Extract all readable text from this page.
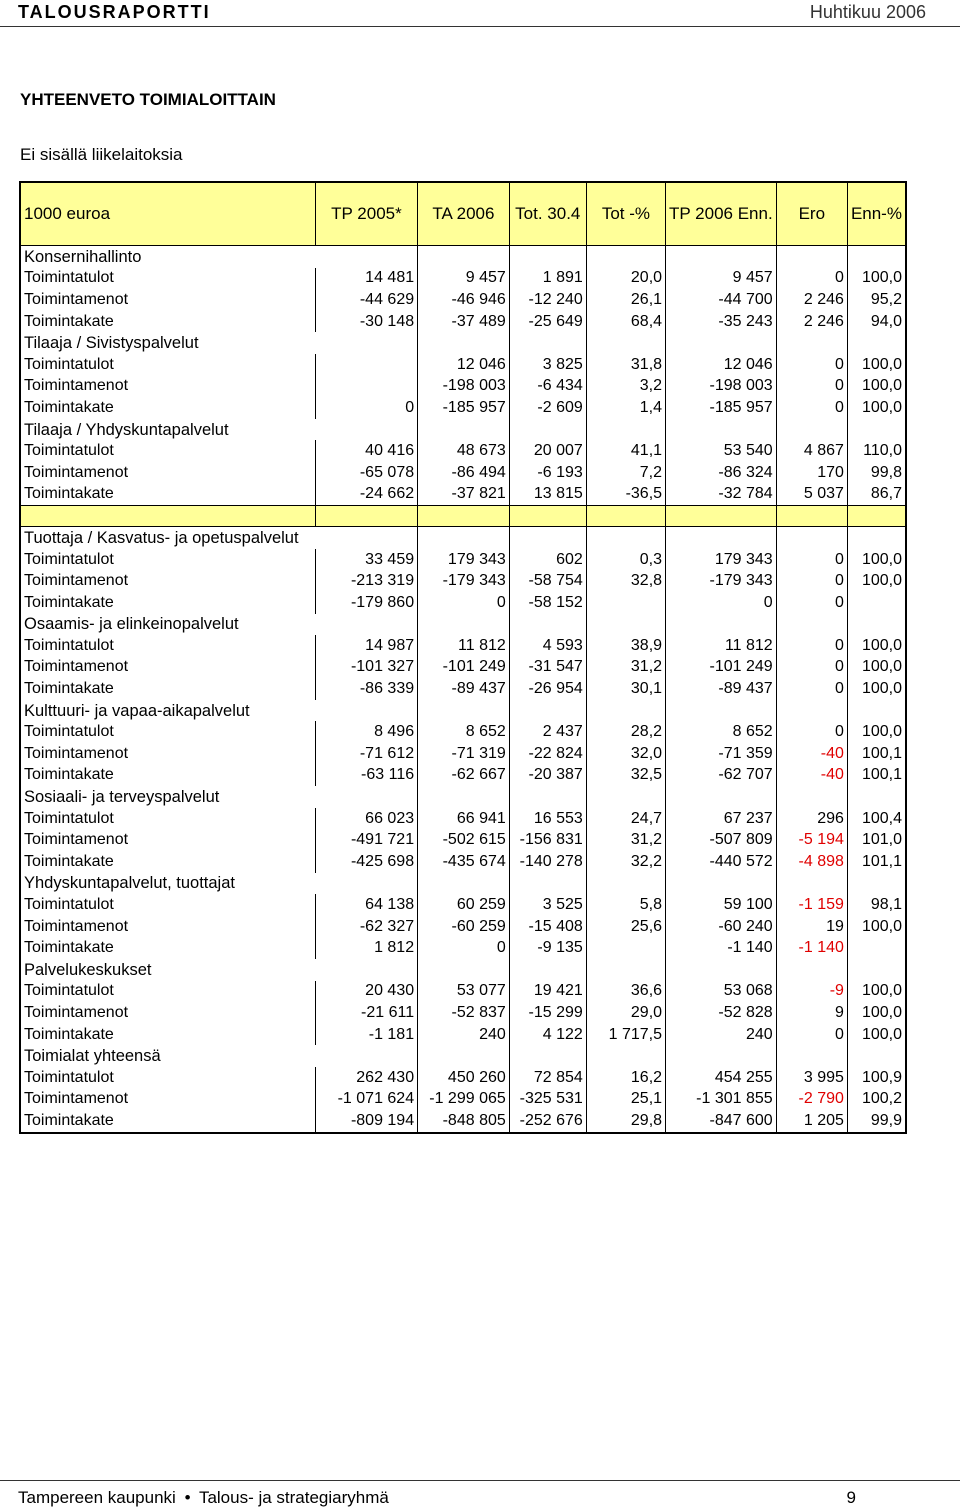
TALOUSRAPORTTI	Huhtikuu 2006
YHTEENVETO TOIMIALOITTAIN
Ei sisällä liikelaitoksia
1000 euroa	TP 2005*	TA 2006	Tot. 30.4	Tot -%	TP 2006 Enn.	Ero	Enn-%
Konsernihallinto							
Toimintatulot	14 481	9 457	1 891	20,0	9 457	0	100,0
Toimintamenot	-44 629	-46 946	-12 240	26,1	-44 700	2 246	95,2
Toimintakate	-30 148	-37 489	-25 649	68,4	-35 243	2 246	94,0
Tilaaja / Sivistyspalvelut							
Toimintatulot		12 046	3 825	31,8	12 046	0	100,0
Toimintamenot		-198 003	-6 434	3,2	-198 003	0	100,0
Toimintakate	0	-185 957	-2 609	1,4	-185 957	0	100,0
Tilaaja / Yhdyskuntapalvelut							
Toimintatulot	40 416	48 673	20 007	41,1	53 540	4 867	110,0
Toimintamenot	-65 078	-86 494	-6 193	7,2	-86 324	170	99,8
Toimintakate	-24 662	-37 821	13 815	-36,5	-32 784	5 037	86,7

Tuottaja / Kasvatus- ja opetuspalvelut							
Toimintatulot	33 459	179 343	602	0,3	179 343	0	100,0
Toimintamenot	-213 319	-179 343	-58 754	32,8	-179 343	0	100,0
Toimintakate	-179 860	0	-58 152		0	0	
Osaamis- ja elinkeinopalvelut							
Toimintatulot	14 987	11 812	4 593	38,9	11 812	0	100,0
Toimintamenot	-101 327	-101 249	-31 547	31,2	-101 249	0	100,0
Toimintakate	-86 339	-89 437	-26 954	30,1	-89 437	0	100,0
Kulttuuri- ja vapaa-aikapalvelut							
Toimintatulot	8 496	8 652	2 437	28,2	8 652	0	100,0
Toimintamenot	-71 612	-71 319	-22 824	32,0	-71 359	-40	100,1
Toimintakate	-63 116	-62 667	-20 387	32,5	-62 707	-40	100,1
Sosiaali- ja terveyspalvelut							
Toimintatulot	66 023	66 941	16 553	24,7	67 237	296	100,4
Toimintamenot	-491 721	-502 615	-156 831	31,2	-507 809	-5 194	101,0
Toimintakate	-425 698	-435 674	-140 278	32,2	-440 572	-4 898	101,1
Yhdyskuntapalvelut, tuottajat							
Toimintatulot	64 138	60 259	3 525	5,8	59 100	-1 159	98,1
Toimintamenot	-62 327	-60 259	-15 408	25,6	-60 240	19	100,0
Toimintakate	1 812	0	-9 135		-1 140	-1 140	
Palvelukeskukset							
Toimintatulot	20 430	53 077	19 421	36,6	53 068	-9	100,0
Toimintamenot	-21 611	-52 837	-15 299	29,0	-52 828	9	100,0
Toimintakate	-1 181	240	4 122	1 717,5	240	0	100,0
Toimialat yhteensä							
Toimintatulot	262 430	450 260	72 854	16,2	454 255	3 995	100,9
Toimintamenot	-1 071 624	-1 299 065	-325 531	25,1	-1 301 855	-2 790	100,2
Toimintakate	-809 194	-848 805	-252 676	29,8	-847 600	1 205	99,9
Tampereen kaupunki • Talous- ja strategiaryhmä	9
